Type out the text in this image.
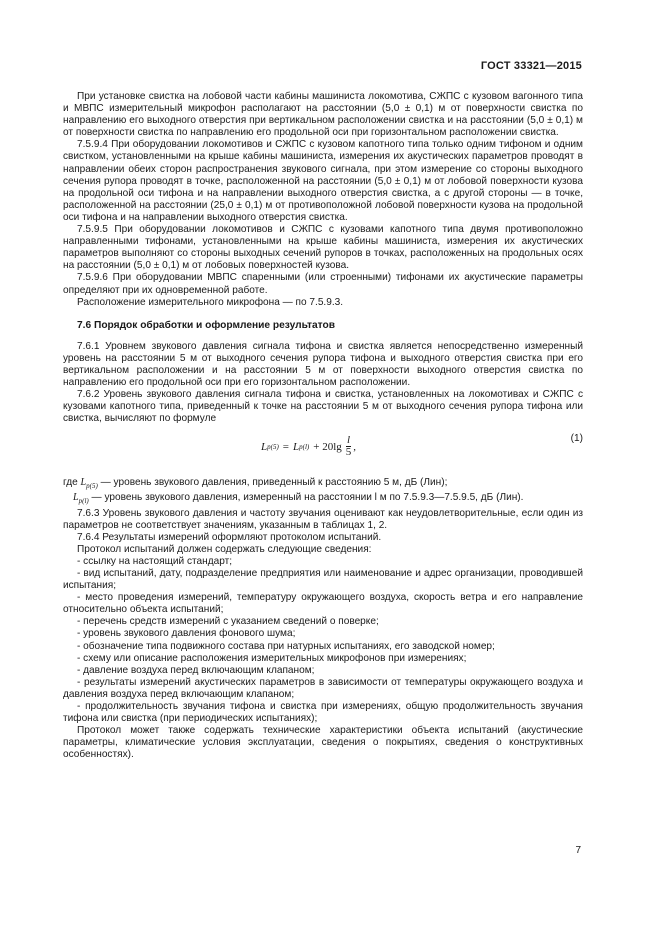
ГОСТ 33321—2015

При установке свистка на лобовой части кабины машиниста локомотива, СЖПС с кузовом вагонного типа и МВПС измерительный микрофон располагают на расстоянии (5,0 ± 0,1) м от поверхности свистка по направлению его выходного отверстия при вертикальном расположении свистка и на расстоянии (5,0 ± 0,1) м от поверхности свистка по направлению его продольной оси при горизонтальном расположении свистка.

7.5.9.4 При оборудовании локомотивов и СЖПС с кузовом капотного типа только одним тифоном и одним свистком, установленными на крыше кабины машиниста, измерения их акустических параметров проводят в направлении обеих сторон распространения звукового сигнала, при этом измерение со стороны выходного сечения рупора проводят в точке, расположенной на расстоянии (5,0 ± 0,1) м от лобовой поверхности кузова на продольной оси тифона и на направлении выходного отверстия свистка, а с другой стороны — в точке, расположенной на расстоянии (25,0 ± 0,1) м от противоположной лобовой поверхности кузова на продольной оси тифона и на направлении выходного отверстия свистка.

7.5.9.5 При оборудовании локомотивов и СЖПС с кузовами капотного типа двумя противоположно направленными тифонами, установленными на крыше кабины машиниста, измерения их акустических параметров выполняют со стороны выходных сечений рупоров в точках, расположенных на продольных осях на расстоянии (5,0 ± 0,1) м от лобовых поверхностей кузова.

7.5.9.6 При оборудовании МВПС спаренными (или строенными) тифонами их акустические параметры определяют при их одновременной работе.

Расположение измерительного микрофона — по 7.5.9.3.

7.6 Порядок обработки и оформление результатов

7.6.1 Уровнем звукового давления сигнала тифона и свистка является непосредственно измеренный уровень на расстоянии 5 м от выходного сечения рупора тифона и выходного отверстия свистка при его вертикальном расположении и на расстоянии 5 м от поверхности выходного отверстия свистка по направлению его продольной оси при его горизонтальном расположении.

7.6.2 Уровень звукового давления сигнала тифона и свистка, установленных на локомотивах и СЖПС с кузовами капотного типа, приведенный к точке на расстоянии 5 м от выходного сечения рупора тифона или свистка, вычисляют по формуле

L p(5) = L $p(l) + 20\lg \frac{l}{5}$ ,
(1)

где $L_{p(5)}$ — уровень звукового давления, приведенный к расстоянию 5 м, дБ (Лин);

$L_{p(l)}$ — уровень звукового давления, измеренный на расстоянии l м по 7.5.9.3—7.5.9.5, дБ (Лин).

7.6.3 Уровень звукового давления и частоту звучания оценивают как неудовлетворительные, если один из параметров не соответствует значениям, указанным в таблицах 1, 2.

7.6.4 Результаты измерений оформляют протоколом испытаний.

Протокол испытаний должен содержать следующие сведения:

- ссылку на настоящий стандарт;

- вид испытаний, дату, подразделение предприятия или наименование и адрес организации, проводившей испытания;

- место проведения измерений, температуру окружающего воздуха, скорость ветра и его направление относительно объекта испытаний;

- перечень средств измерений с указанием сведений о поверке;

- уровень звукового давления фонового шума;

- обозначение типа подвижного состава при натурных испытаниях, его заводской номер;

- схему или описание расположения измерительных микрофонов при измерениях;

- давление воздуха перед включающим клапаном;

- результаты измерений акустических параметров в зависимости от температуры окружающего воздуха и давления воздуха перед включающим клапаном;

- продолжительность звучания тифона и свистка при измерениях, общую продолжительность звучания тифона или свистка (при периодических испытаниях);

Протокол может также содержать технические характеристики объекта испытаний (акустические параметры, климатические условия эксплуатации, сведения о покрытиях, сведения о конструктивных особенностях).

7
